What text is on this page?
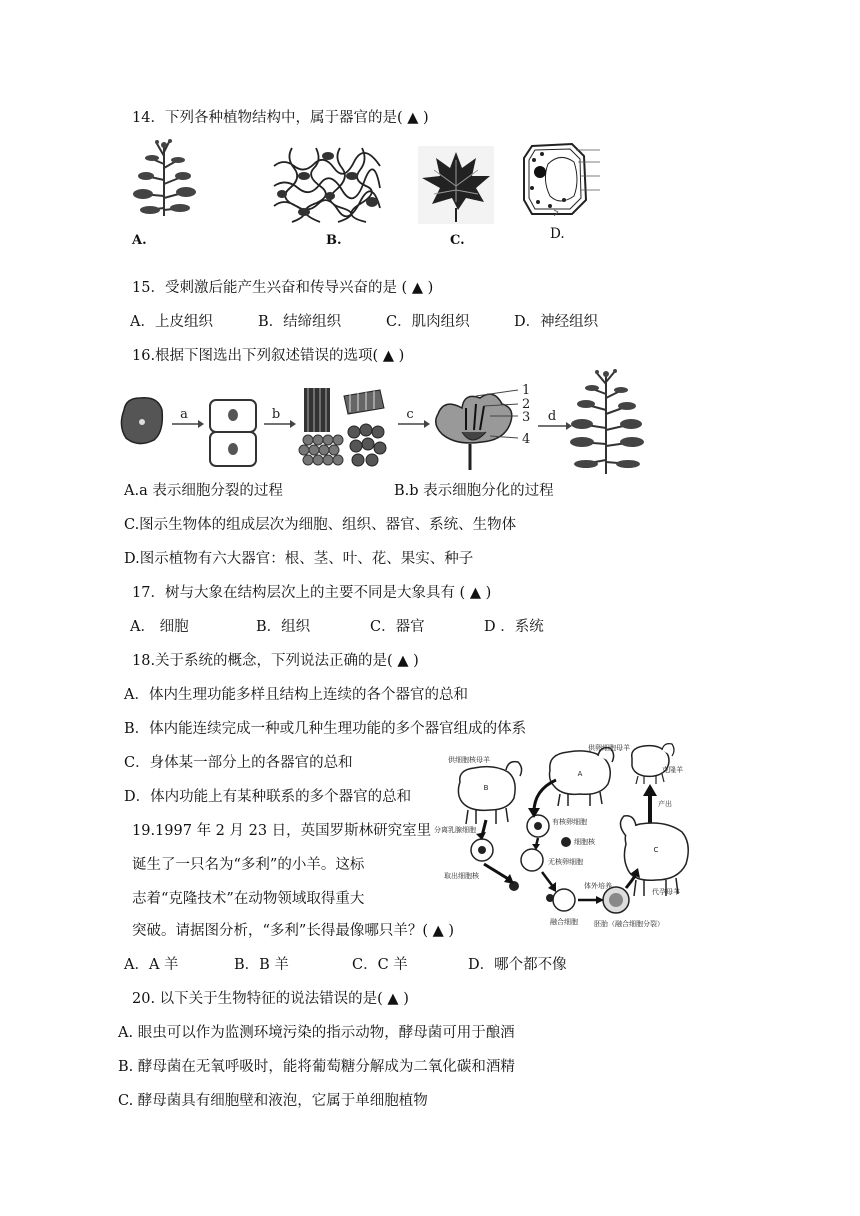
14．下列各种植物结构中，属于器官的是( ▲ )
A.	B.	C.	D.
15．受刺激后能产生兴奋和传导兴奋的是 ( ▲ )
A．上皮组织	B．结缔组织	C．肌肉组织	D．神经组织
16.根据下图选出下列叙述错误的选项( ▲ )
a	b	c
1
2
3
4
d
A.a 表示细胞分裂的过程	B.b 表示细胞分化的过程
C.图示生物体的组成层次为细胞、组织、器官、系统、生物体
D.图示植物有六大器官：根、茎、叶、花、果实、种子
17．树与大象在结构层次上的主要不同是大象具有 ( ▲ )
A． 细胞	B．组织	C．器官	D ．系统
18.关于系统的概念，下列说法正确的是( ▲ )
A．体内生理功能多样且结构上连续的各个器官的总和
B．体内能连续完成一种或几种生理功能的多个器官组成的体系
C．身体某一部分上的各器官的总和
D．体内功能上有某种联系的多个器官的总和
A
供卵细胞母羊
B
供细胞核母羊
克隆羊
产出
C
代孕母羊
有核卵细胞
细胞核
无核卵细胞
分离乳腺细胞
取出细胞核
融合细胞 胚胎（融合细胞分裂）
体外培养
19.1997 年 2 月 23 日，英国罗斯林研究室里
诞生了一只名为“多利”的小羊。这标
志着“克隆技术”在动物领域取得重大
突破。请据图分析，“多利”长得最像哪只羊？( ▲ )
A．A 羊	B．B 羊	C．C 羊	D．哪个都不像
20. 以下关于生物特征的说法错误的是( ▲ )
A. 眼虫可以作为监测环境污染的指示动物，酵母菌可用于酿酒
B. 酵母菌在无氧呼吸时，能将葡萄糖分解成为二氧化碳和酒精
C. 酵母菌具有细胞壁和液泡，它属于单细胞植物
